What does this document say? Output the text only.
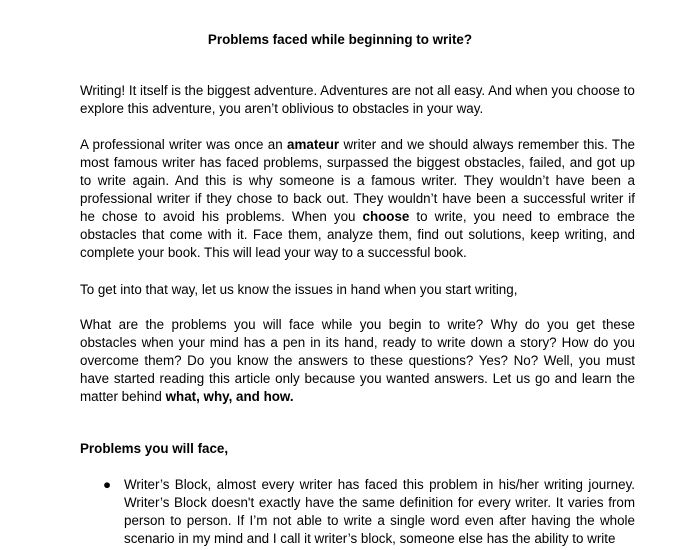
Problems faced while beginning to write?

Writing! It itself is the biggest adventure. Adventures are not all easy. And when you choose to explore this adventure, you aren’t oblivious to obstacles in your way.

A professional writer was once an amateur writer and we should always remember this. The most famous writer has faced problems, surpassed the biggest obstacles, failed, and got up to write again. And this is why someone is a famous writer. They wouldn’t have been a professional writer if they chose to back out. They wouldn’t have been a successful writer if he chose to avoid his problems. When you choose to write, you need to embrace the obstacles that come with it. Face them, analyze them, find out solutions, keep writing, and complete your book. This will lead your way to a successful book.

To get into that way, let us know the issues in hand when you start writing,

What are the problems you will face while you begin to write? Why do you get these obstacles when your mind has a pen in its hand, ready to write down a story? How do you overcome them? Do you know the answers to these questions? Yes? No? Well, you must have started reading this article only because you wanted answers. Let us go and learn the matter behind what, why, and how.

Problems you will face,

● Writer’s Block, almost every writer has faced this problem in his/her writing journey. Writer’s Block doesn't exactly have the same definition for every writer. It varies from person to person. If I’m not able to write a single word even after having the whole scenario in my mind and I call it writer’s block, someone else has the ability to write
